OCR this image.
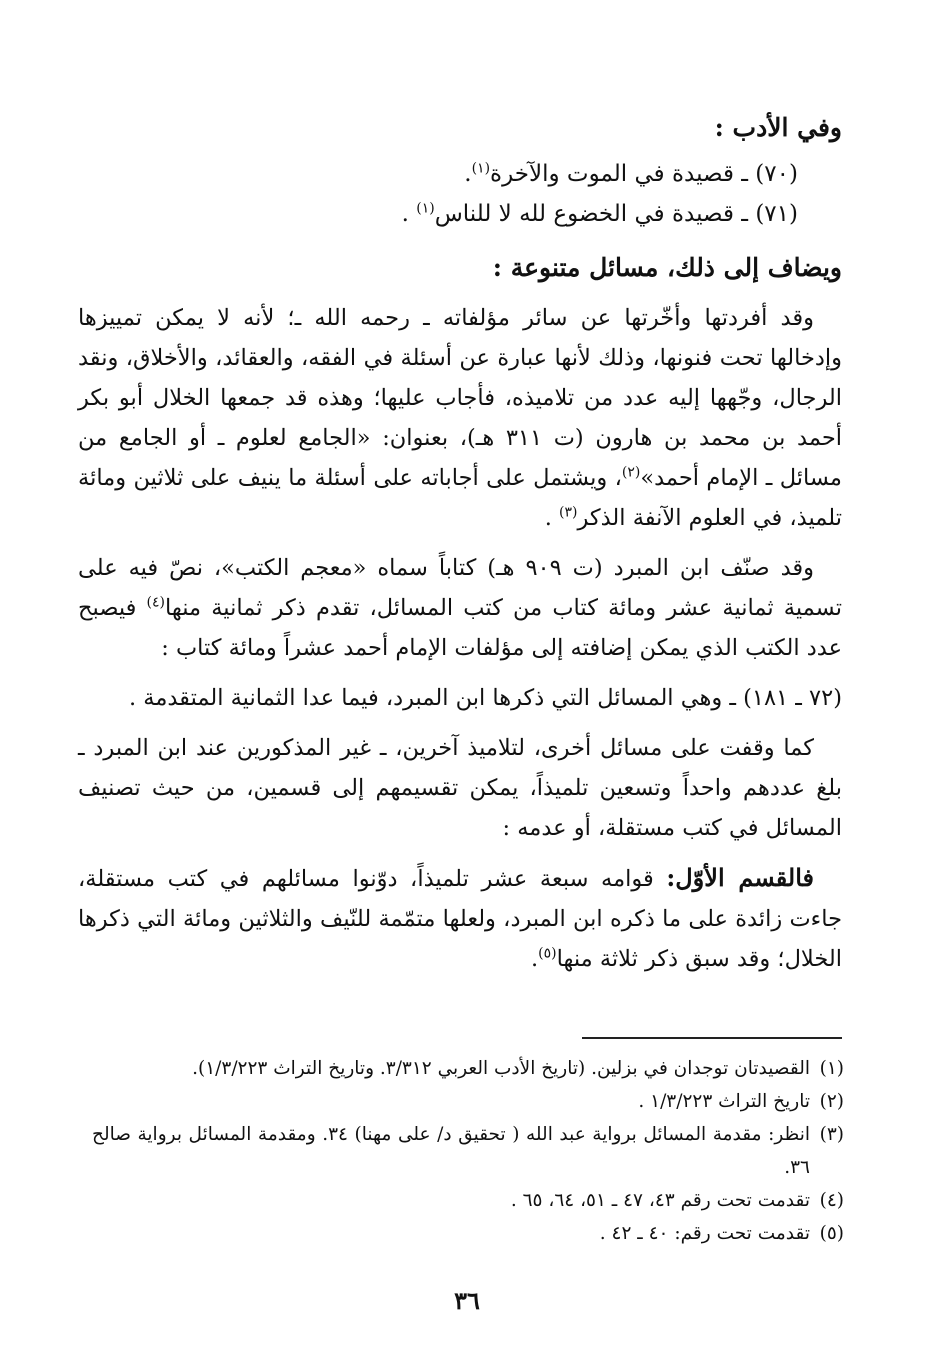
وفي الأدب :
(٧٠) ـ قصيدة في الموت والآخرة$^{(١)}$.
(٧١) ـ قصيدة في الخضوع لله لا للناس$^{(١)}$ .
ويضاف إلى ذلك، مسائل متنوعة :

وقد أفردتها وأخّرتها عن سائر مؤلفاته ـ رحمه الله ـ؛ لأنه لا يمكن تمييزها وإدخالها تحت فنونها، وذلك لأنها عبارة عن أسئلة في الفقه، والعقائد، والأخلاق، ونقد الرجال، وجّهها إليه عدد من تلاميذه، فأجاب عليها؛ وهذه قد جمعها الخلال أبو بكر أحمد بن محمد بن هارون (ت ٣١١ هـ)، بعنوان: «الجامع لعلوم ـ أو الجامع من مسائل ـ الإمام أحمد»$^{(٢)}$، ويشتمل على أجاباته على أسئلة ما ينيف على ثلاثين ومائة تلميذ، في العلوم الآنفة الذكر$^{(٣)}$ .

وقد صنّف ابن المبرد (ت ٩٠٩ هـ) كتاباً سماه «معجم الكتب»، نصّ فيه على تسمية ثمانية عشر ومائة كتاب من كتب المسائل، تقدم ذكر ثمانية منها$^{(٤)}$ فيصبح عدد الكتب الذي يمكن إضافته إلى مؤلفات الإمام أحمد عشراً ومائة كتاب :

(٧٢ ـ ١٨١) ـ وهي المسائل التي ذكرها ابن المبرد، فيما عدا الثمانية المتقدمة .

كما وقفت على مسائل أخرى، لتلاميذ آخرين، ـ غير المذكورين عند ابن المبرد ـ بلغ عددهم واحداً وتسعين تلميذاً، يمكن تقسيمهم إلى قسمين، من حيث تصنيف المسائل في كتب مستقلة، أو عدمه :

فالقسم الأوّل: قوامه سبعة عشر تلميذاً، دوّنوا مسائلهم في كتب مستقلة، جاءت زائدة على ما ذكره ابن المبرد، ولعلها متمّمة للنّيف والثلاثين ومائة التي ذكرها الخلال؛ وقد سبق ذكر ثلاثة منها$^{(٥)}$.

(١)
القصيدتان توجدان في بزلين. (تاريخ الأدب العربي ٣/٣١٢. وتاريخ التراث ١/٣/٢٢٣).
(٢)
تاريخ التراث ١/٣/٢٢٣ .
(٣)
انظر: مقدمة المسائل برواية عبد الله ( تحقيق د/ على مهنا) ٣٤. ومقدمة المسائل برواية صالح ٣٦.
(٤)
تقدمت تحت رقم ٤٣، ٤٧ ـ ٥١، ٦٤، ٦٥ .
(٥)
تقدمت تحت رقم: ٤٠ ـ ٤٢ .
٣٦
